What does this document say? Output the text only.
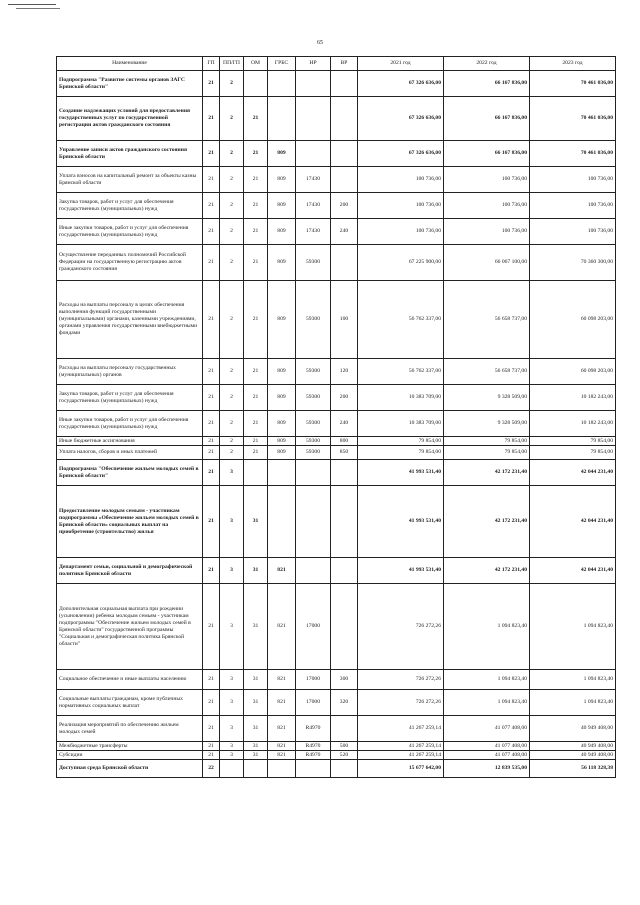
65
Наименование	ГП	ПП/ГП	ОМ	ГРБС	НР	ВР	2021 год	2022 год	2023 год
Подпрограмма "Развитие системы органов ЗАГС Брянской области"	21	2					67 326 636,00	66 167 836,00	70 461 036,00
Создание надлежащих условий для предоставления государственных услуг по государственной регистрации актов гражданского состояния	21	2	21				67 326 636,00	66 167 836,00	70 461 036,00
Управление записи актов гражданского состояния Брянской области	21	2	21	809			67 326 636,00	66 167 836,00	70 461 036,00
Уплата взносов на капитальный ремонт за объекты казны Брянской области	21	2	21	809	17430		100 736,00	100 736,00	100 736,00
Закупка товаров, работ и услуг для обеспечения государственных (муниципальных) нужд	21	2	21	809	17430	200	100 736,00	100 736,00	100 736,00
Иные закупки товаров, работ и услуг для обеспечения государственных (муниципальных) нужд	21	2	21	809	17430	240	100 736,00	100 736,00	100 736,00
Осуществление переданных полномочий Российской Федерации на государственную регистрацию актов гражданского состояния	21	2	21	809	59300		67 225 900,00	66 067 100,00	70 360 300,00
Расходы на выплаты персоналу в целях обеспечения выполнения функций государственными (муниципальными) органами, казенными учреждениями, органами управления государственными внебюджетными фондами	21	2	21	809	59300	100	56 762 337,00	56 658 737,00	60 098 203,00
Расходы на выплаты персоналу государственных (муниципальных) органов	21	2	21	809	59300	120	56 762 337,00	56 658 737,00	60 098 203,00
Закупка товаров, работ и услуг для обеспечения государственных (муниципальных) нужд	21	2	21	809	59300	200	10 383 709,00	9 328 509,00	10 182 243,00
Иные закупки товаров, работ и услуг для обеспечения государственных (муниципальных) нужд	21	2	21	809	59300	240	10 383 709,00	9 328 509,00	10 182 243,00
Иные бюджетные ассигнования	21	2	21	809	59300	800	79 854,00	79 854,00	79 854,00
Уплата налогов, сборов и иных платежей	21	2	21	809	59300	850	79 854,00	79 854,00	79 854,00
Подпрограмма "Обеспечение жильем молодых семей в Брянской области"	21	3					41 993 531,40	42 172 231,40	42 044 231,40
Предоставление молодым семьям - участникам подпрограммы «Обеспечение жильем молодых семей в Брянской области» социальных выплат на приобретение (строительство) жилья	21	3	31				41 993 531,40	42 172 231,40	42 044 231,40
Департамент семьи, социальной и демографической политики Брянской области	21	3	31	821			41 993 531,40	42 172 231,40	42 044 231,40
Дополнительная социальная выплата при рождении (усыновлении) ребенка молодым семьям - участникам подпрограммы "Обеспечение жильем молодых семей в Брянской области" государственной программы "Социальная и демографическая политика Брянской области"	21	3	31	821	17000		726 272,26	1 094 823,40	1 094 823,40
Социальное обеспечение и иные выплаты населению	21	3	31	821	17000	300	726 272,26	1 094 823,40	1 094 823,40
Социальные выплаты гражданам, кроме публичных нормативных социальных выплат	21	3	31	821	17000	320	726 272,26	1 094 823,40	1 094 823,40
Реализация мероприятий по обеспечению жильем молодых семей	21	3	31	821	R4970		41 267 259,14	41 077 408,00	40 949 408,00
Межбюджетные трансферты	21	3	31	821	R4970	500	41 267 259,14	41 077 408,00	40 949 408,00
Субсидии	21	3	31	821	R4970	520	41 267 259,14	41 077 408,00	40 949 408,00
Доступная среда Брянской области	22						15 677 642,00	12 839 535,00	56 118 328,38
